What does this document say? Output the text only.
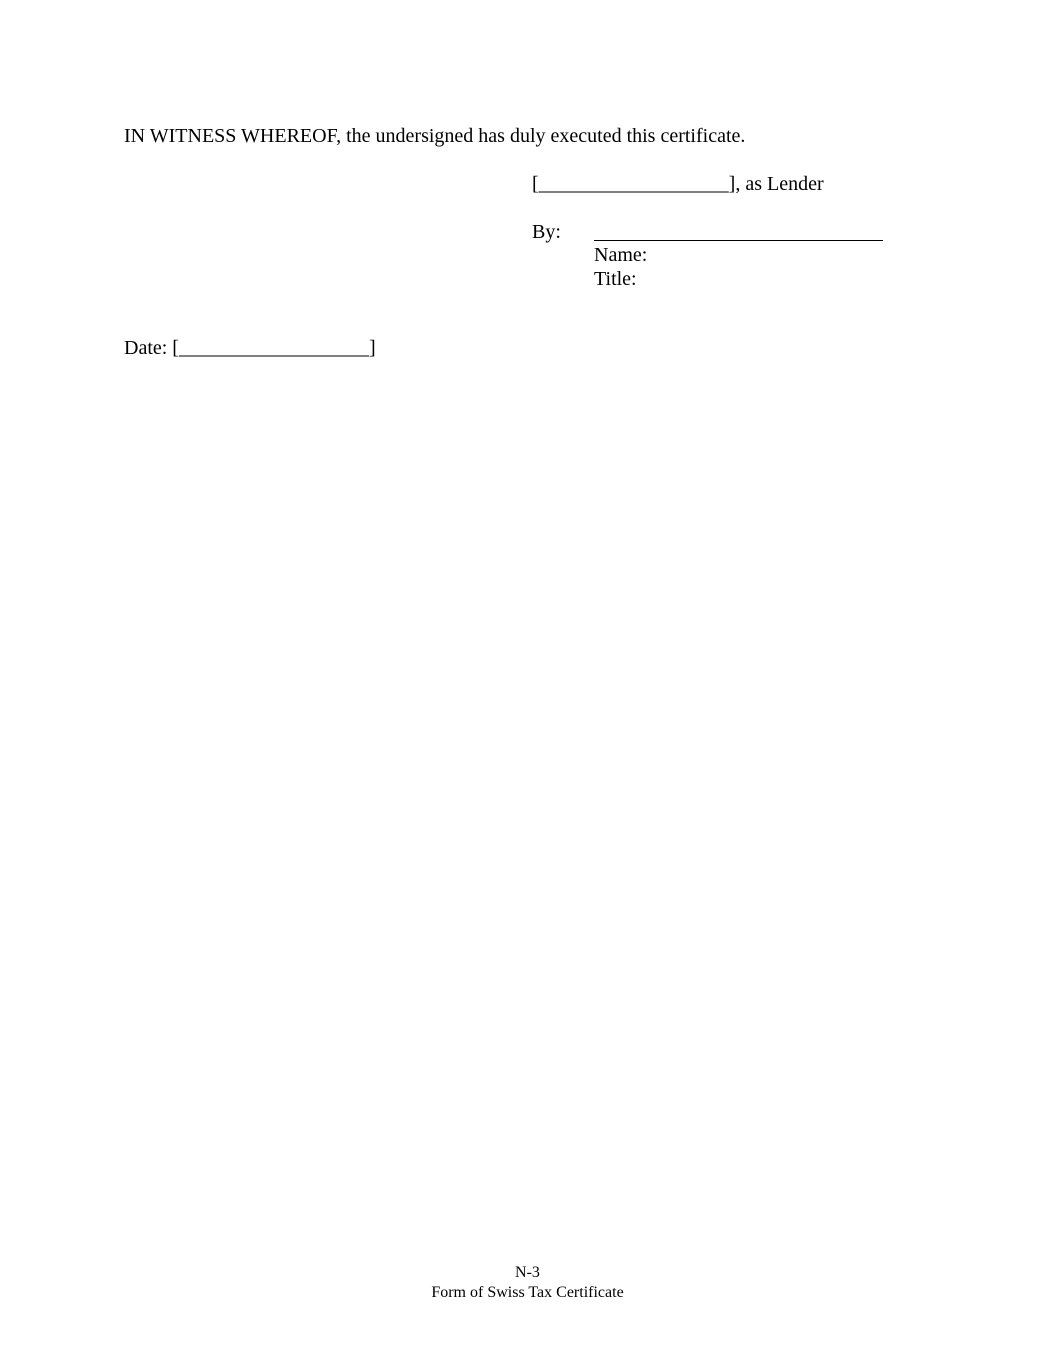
IN WITNESS WHEREOF, the undersigned has duly executed this certificate.
[___________________], as Lender
By:
Name:
Title:
Date: [___________________]
N-3
Form of Swiss Tax Certificate
